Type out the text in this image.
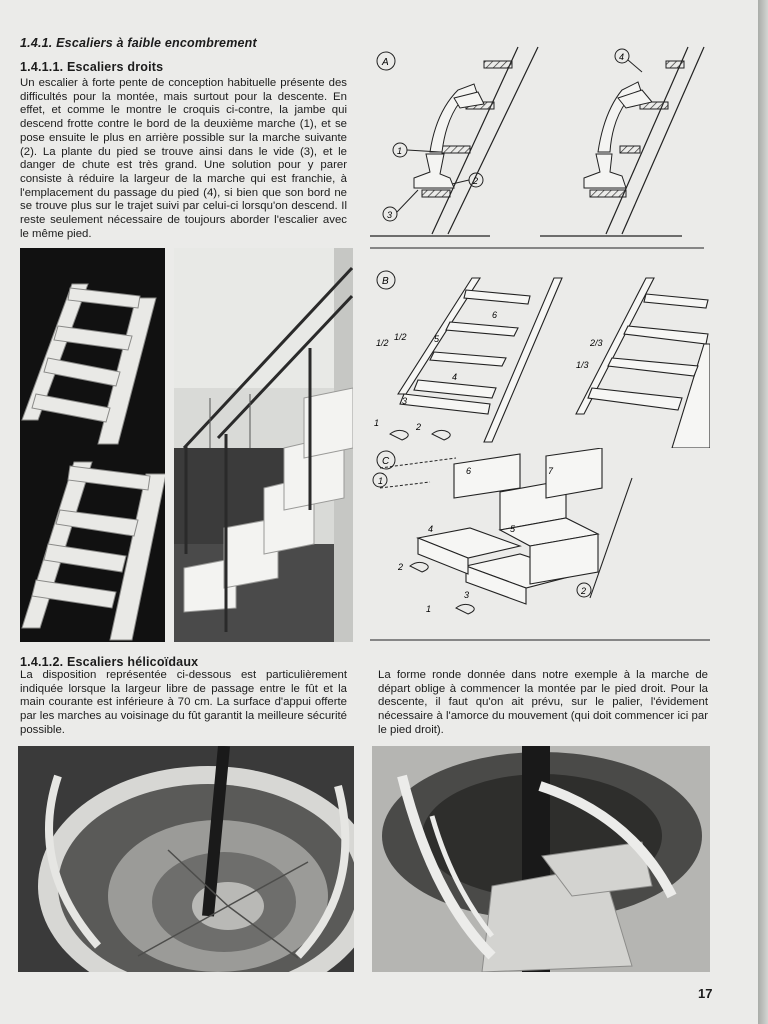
1.4.1. Escaliers à faible encombrement
1.4.1.1. Escaliers droits
Un escalier à forte pente de conception habituelle présente des difficultés pour la montée, mais surtout pour la descente. En effet, et comme le montre le croquis ci-contre, la jambe qui descend frotte contre le bord de la deuxième marche (1), et se pose ensuite le plus en arrière possible sur la marche suivante (2). La plante du pied se trouve ainsi dans le vide (3), et le danger de chute est très grand. Une solution pour y parer consiste à réduire la largeur de la marche qui est franchie, à l'emplacement du passage du pied (4), si bien que son bord ne se trouve plus sur le trajet suivi par celui-ci lorsqu'on descend. Il reste seulement nécessaire de toujours aborder l'escalier avec le même pied.
A
1
2
3
4
B
6
5
4
3
1/2
1/2
1	2
2/3
1/3
C
1
6	7
4	5
2
3
1
2
1.4.1.2. Escaliers hélicoïdaux
La disposition représentée ci-dessous est particulièrement indiquée lorsque la largeur libre de passage entre le fût et la main courante est inférieure à 70 cm. La surface d'appui offerte par les marches au voisinage du fût garantit la meilleure sécurité possible.
La forme ronde donnée dans notre exemple à la marche de départ oblige à commencer la montée par le pied droit. Pour la descente, il faut qu'on ait prévu, sur le palier, l'évidement nécessaire à l'amorce du mouvement (qui doit commencer ici par le pied droit).
17
